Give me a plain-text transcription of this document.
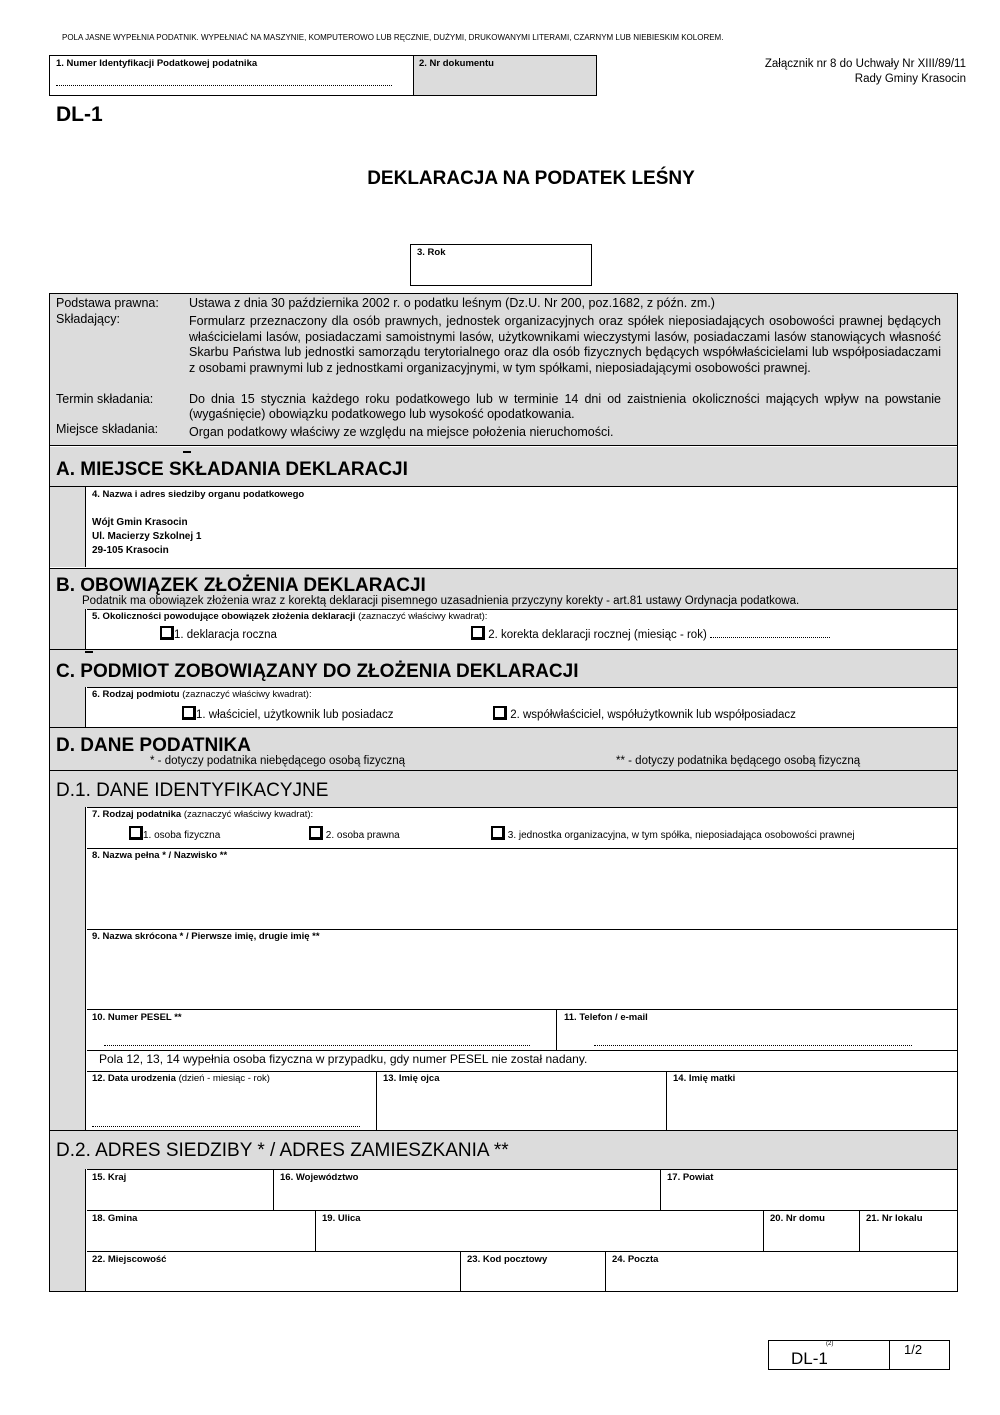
POLA JASNE WYPEŁNIA PODATNIK. WYPEŁNIAĆ NA MASZYNIE, KOMPUTEROWO LUB RĘCZNIE, DUŻYMI, DRUKOWANYMI LITERAMI, CZARNYM LUB NIEBIESKIM KOLOREM.
1. Numer Identyfikacji Podatkowej podatnika	2. Nr dokumentu	Załącznik nr 8 do Uchwały Nr XIII/89/11
Rady Gminy Krasocin
DL-1
DEKLARACJA NA PODATEK LEŚNY
3. Rok
Podstawa prawna: Ustawa z dnia 30 października 2002 r. o podatku leśnym (Dz.U. Nr 200, poz.1682, z późn. zm.)
Składający:	Formularz przeznaczony dla osób prawnych, jednostek organizacyjnych oraz spółek nieposiadających osobowości prawnej będących właścicielami lasów, posiadaczami samoistnymi lasów, użytkownikami wieczystymi lasów, posiadaczami lasów stanowiących własność Skarbu Państwa lub jednostki samorządu terytorialnego oraz dla osób fizycznych będących współwłaścicielami lub współposiadaczami z osobami prawnymi lub z jednostkami organizacyjnymi, w tym spółkami, nieposiadającymi osobowości prawnej.
Termin składania:	Do dnia 15 stycznia każdego roku podatkowego lub w terminie 14 dni od zaistnienia okoliczności mających wpływ na powstanie (wygaśnięcie) obowiązku podatkowego lub wysokość opodatkowania.
Miejsce składania: Organ podatkowy właściwy ze względu na miejsce położenia nieruchomości.
A. MIEJSCE SKŁADANIA DEKLARACJI
4. Nazwa i adres siedziby organu podatkowego
Wójt Gmin Krasocin
Ul. Macierzy Szkolnej 1
29-105 Krasocin
B. OBOWIĄZEK ZŁOŻENIA DEKLARACJI
Podatnik ma obowiązek złożenia wraz z korektą deklaracji pisemnego uzasadnienia przyczyny korekty - art.81 ustawy Ordynacja podatkowa.
5. Okoliczności powodujące obowiązek złożenia deklaracji (zaznaczyć właściwy kwadrat):
1. deklaracja roczna	2. korekta deklaracji rocznej (miesiąc - rok)
C. PODMIOT ZOBOWIĄZANY DO ZŁOŻENIA DEKLARACJI
6. Rodzaj podmiotu (zaznaczyć właściwy kwadrat):
1. właściciel, użytkownik lub posiadacz	2. współwłaściciel, współużytkownik lub współposiadacz
D. DANE PODATNIKA
* - dotyczy podatnika niebędącego osobą fizyczną	** - dotyczy podatnika będącego osobą fizyczną
D.1. DANE IDENTYFIKACYJNE
7. Rodzaj podatnika (zaznaczyć właściwy kwadrat):
1. osoba fizyczna	2. osoba prawna	3. jednostka organizacyjna, w tym spółka, nieposiadająca osobowości prawnej
8. Nazwa pełna * / Nazwisko **
9. Nazwa skrócona * / Pierwsze imię, drugie imię **
10. Numer PESEL **	11. Telefon / e-mail
Pola 12, 13, 14 wypełnia osoba fizyczna w przypadku, gdy numer PESEL nie został nadany.
12. Data urodzenia (dzień - miesiąc - rok)	13. Imię ojca	14. Imię matki
D.2. ADRES SIEDZIBY * / ADRES ZAMIESZKANIA **
15. Kraj	16. Województwo	17. Powiat
18. Gmina	19. Ulica	20. Nr domu	21. Nr lokalu
22. Miejscowość	23. Kod pocztowy	24. Poczta
(2)
DL-1	1/2
